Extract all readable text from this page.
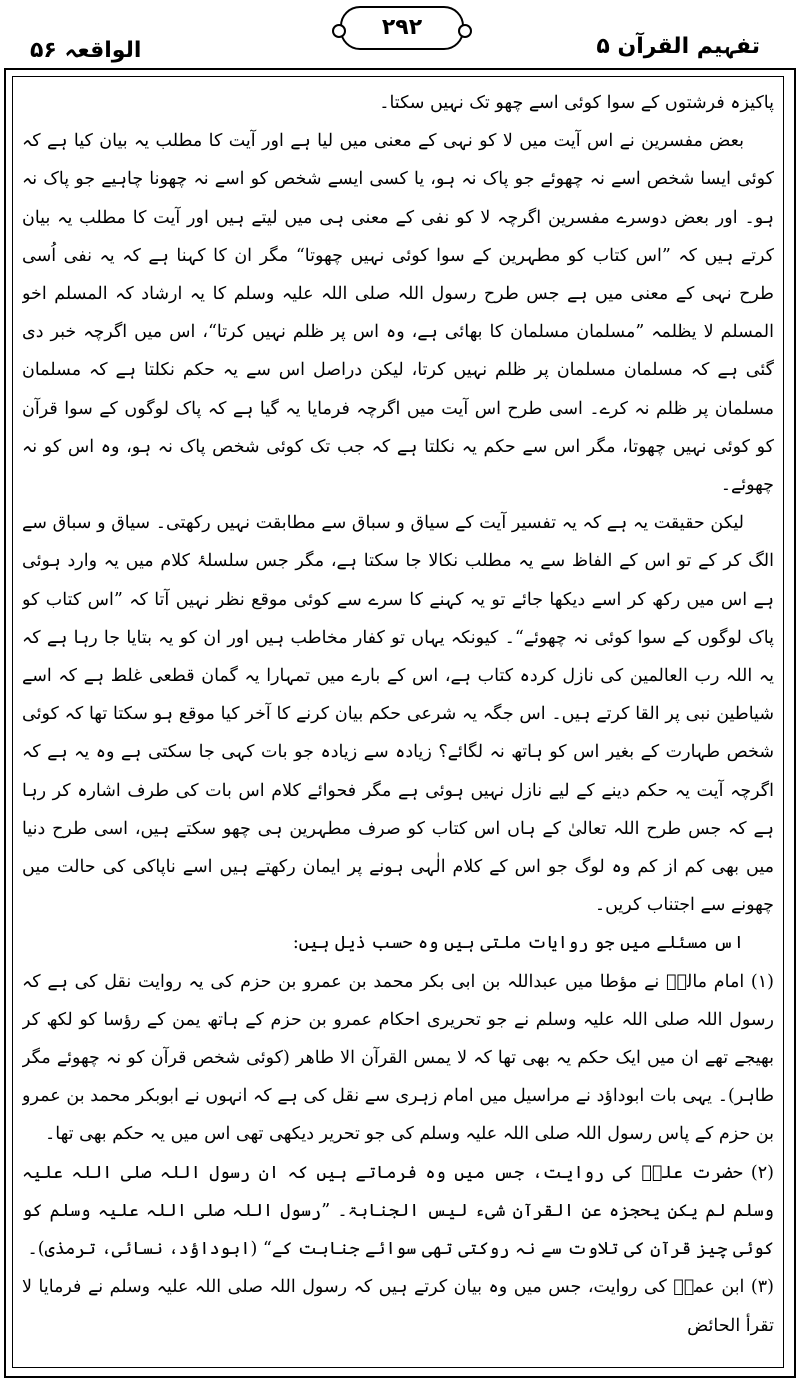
الواقعہ ۵۶
۲۹۲
تفہیم القرآن ۵

پاکیزہ فرشتوں کے سوا کوئی اسے چھو تک نہیں سکتا۔

بعض مفسرین نے اس آیت میں لا کو نہی کے معنی میں لیا ہے اور آیت کا مطلب یہ بیان کیا ہے کہ کوئی ایسا شخص اسے نہ چھوئے جو پاک نہ ہو، یا کسی ایسے شخص کو اسے نہ چھونا چاہیے جو پاک نہ ہو۔ اور بعض دوسرے مفسرین اگرچہ لا کو نفی کے معنی ہی میں لیتے ہیں اور آیت کا مطلب یہ بیان کرتے ہیں کہ ”اس کتاب کو مطہرین کے سوا کوئی نہیں چھوتا“ مگر ان کا کہنا ہے کہ یہ نفی اُسی طرح نہی کے معنی میں ہے جس طرح رسول اللہ صلی اللہ علیہ وسلم کا یہ ارشاد کہ المسلم اخو المسلم لا یظلمہ ”مسلمان مسلمان کا بھائی ہے، وہ اس پر ظلم نہیں کرتا“، اس میں اگرچہ خبر دی گئی ہے کہ مسلمان مسلمان پر ظلم نہیں کرتا، لیکن دراصل اس سے یہ حکم نکلتا ہے کہ مسلمان مسلمان پر ظلم نہ کرے۔ اسی طرح اس آیت میں اگرچہ فرمایا یہ گیا ہے کہ پاک لوگوں کے سوا قرآن کو کوئی نہیں چھوتا، مگر اس سے حکم یہ نکلتا ہے کہ جب تک کوئی شخص پاک نہ ہو، وہ اس کو نہ چھوئے۔

لیکن حقیقت یہ ہے کہ یہ تفسیر آیت کے سیاق و سباق سے مطابقت نہیں رکھتی۔ سیاق و سباق سے الگ کر کے تو اس کے الفاظ سے یہ مطلب نکالا جا سکتا ہے، مگر جس سلسلۂ کلام میں یہ وارد ہوئی ہے اس میں رکھ کر اسے دیکھا جائے تو یہ کہنے کا سرے سے کوئی موقع نظر نہیں آتا کہ ”اس کتاب کو پاک لوگوں کے سوا کوئی نہ چھوئے“۔ کیونکہ یہاں تو کفار مخاطب ہیں اور ان کو یہ بتایا جا رہا ہے کہ یہ اللہ رب العالمین کی نازل کردہ کتاب ہے، اس کے بارے میں تمہارا یہ گمان قطعی غلط ہے کہ اسے شیاطین نبی پر القا کرتے ہیں۔ اس جگہ یہ شرعی حکم بیان کرنے کا آخر کیا موقع ہو سکتا تھا کہ کوئی شخص طہارت کے بغیر اس کو ہاتھ نہ لگائے؟ زیادہ سے زیادہ جو بات کہی جا سکتی ہے وہ یہ ہے کہ اگرچہ آیت یہ حکم دینے کے لیے نازل نہیں ہوئی ہے مگر فحوائے کلام اس بات کی طرف اشارہ کر رہا ہے کہ جس طرح اللہ تعالیٰ کے ہاں اس کتاب کو صرف مطہرین ہی چھو سکتے ہیں، اسی طرح دنیا میں بھی کم از کم وہ لوگ جو اس کے کلام الٰہی ہونے پر ایمان رکھتے ہیں اسے ناپاکی کی حالت میں چھونے سے اجتناب کریں۔

اس مسئلے میں جو روایات ملتی ہیں وہ حسب ذیل ہیں:

(۱) امام مالکؒ نے مؤطا میں عبداللہ بن ابی بکر محمد بن عمرو بن حزم کی یہ روایت نقل کی ہے کہ رسول اللہ صلی اللہ علیہ وسلم نے جو تحریری احکام عمرو بن حزم کے ہاتھ یمن کے رؤسا کو لکھ کر بھیجے تھے ان میں ایک حکم یہ بھی تھا کہ لا یمس القرآن الا طاھر (کوئی شخص قرآن کو نہ چھوئے مگر طاہر)۔ یہی بات ابوداؤد نے مراسیل میں امام زہری سے نقل کی ہے کہ انہوں نے ابوبکر محمد بن عمرو بن حزم کے پاس رسول اللہ صلی اللہ علیہ وسلم کی جو تحریر دیکھی تھی اس میں یہ حکم بھی تھا۔

(۲) حضرت علیؓ کی روایت، جس میں وہ فرماتے ہیں کہ ان رسول اللہ صلی اللہ علیہ وسلم لم یکن یحجزہ عن القرآن شیء لیس الجنابۃ۔ ”رسول اللہ صلی اللہ علیہ وسلم کو کوئی چیز قرآن کی تلاوت سے نہ روکتی تھی سوائے جنابت کے“ (ابوداؤد، نسائی، ترمذی)۔

(۳) ابن عمرؓ کی روایت، جس میں وہ بیان کرتے ہیں کہ رسول اللہ صلی اللہ علیہ وسلم نے فرمایا لا تقرأ الحائض
